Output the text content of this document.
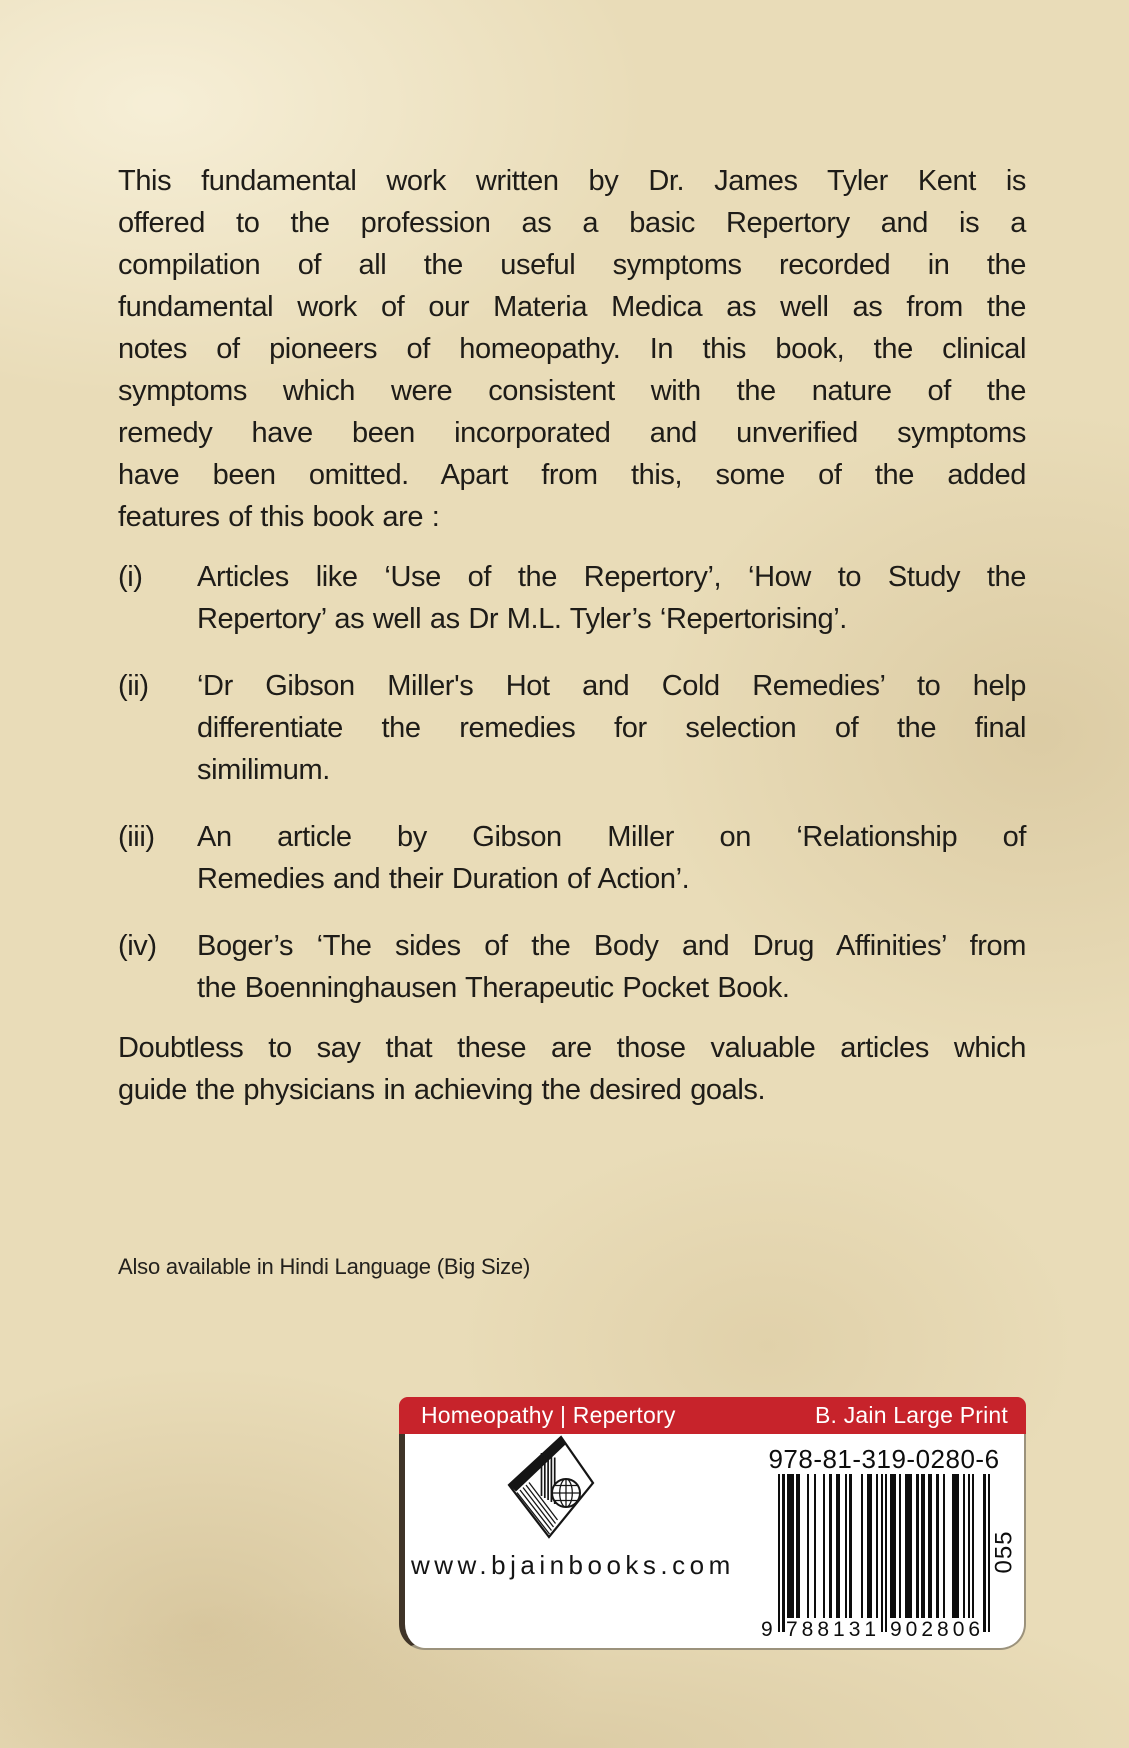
This fundamental work written by Dr. James Tyler Kent is
offered to the profession as a basic Repertory and is a
compilation of all the useful symptoms recorded in the
fundamental work of our Materia Medica as well as from the
notes of pioneers of homeopathy. In this book, the clinical
symptoms which were consistent with the nature of the
remedy have been incorporated and unverified symptoms
have been omitted. Apart from this, some of the added
features of this book are :
(i)	Articles like ‘Use of the Repertory’, ‘How to Study the
Repertory’ as well as Dr M.L. Tyler’s ‘Repertorising’.
(ii)	‘Dr Gibson Miller's Hot and Cold Remedies’ to help
differentiate the remedies for selection of the final
similimum.
(iii)	An article by Gibson Miller on ‘Relationship of
Remedies and their Duration of Action’.
(iv)	Boger’s ‘The sides of the Body and Drug Affinities’ from
the Boenninghausen Therapeutic Pocket Book.
Doubtless to say that these are those valuable articles which
guide the physicians in achieving the desired goals.
Also available in Hindi Language (Big Size)
Homeopathy | Repertory	B. Jain Large Print
www.bjainbooks.com
978-81-319-0280-6
9 788131 902806
055
